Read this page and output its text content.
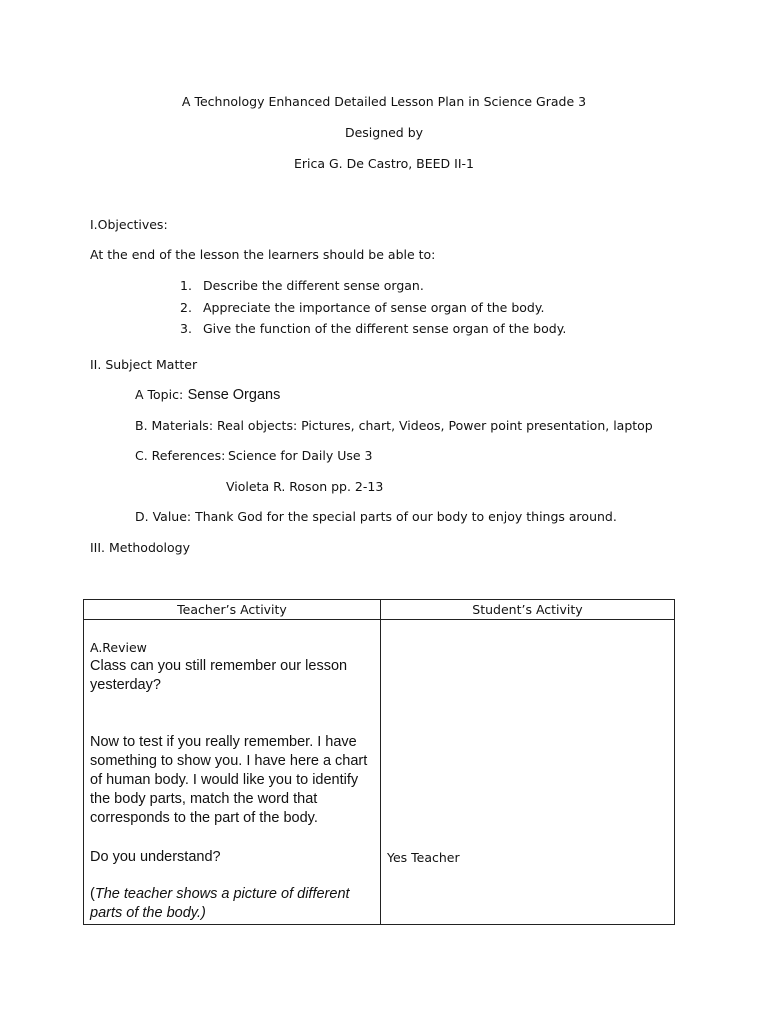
A Technology Enhanced Detailed Lesson Plan in Science Grade 3
Designed by
Erica G. De Castro, BEED II-1
I.Objectives:
At the end of the lesson the learners should be able to:
1. Describe the different sense organ.
2. Appreciate the importance of sense organ of the body.
3. Give the function of the different sense organ of the body.
II. Subject Matter
A Topic: Sense Organs
B. Materials: Real objects: Pictures, chart, Videos, Power point presentation, laptop
C. References: Science for Daily Use 3
Violeta R. Roson pp. 2-13
D. Value: Thank God for the special parts of our body to enjoy things around.
III. Methodology
Teacher’s Activity	Student’s Activity

A.Review

Class can you still remember our lesson yesterday?

Now to test if you really remember. I have something to show you. I have here a chart of human body. I would like you to identify the body parts, match the word that corresponds to the part of the body.

Do you understand?

(The teacher shows a picture of different parts of the body.)	Yes Teacher
